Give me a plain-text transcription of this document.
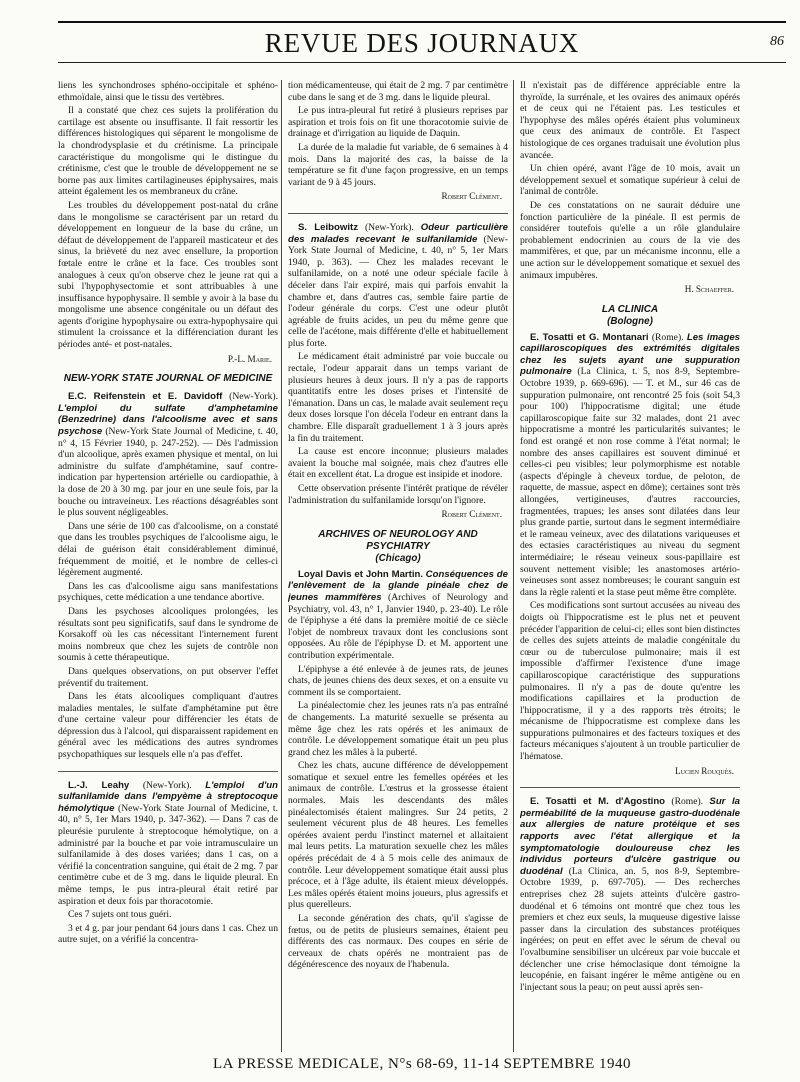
REVUE DES JOURNAUX	86

liens les synchondroses sphéno-occipitale et sphéno-ethmoïdale, ainsi que le tissu des vertèbres.

Il a constaté que chez ces sujets la prolifération du cartilage est absente ou insuffisante. Il fait ressortir les différences histologiques qui séparent le mongolisme de la chondrodysplasie et du crétinisme. La principale caractéristique du mongolisme qui le distingue du crétinisme, c'est que le trouble de développement ne se borne pas aux limites cartilagineuses épiphysaires, mais atteint également les os membraneux du crâne.

Les troubles du développement post-natal du crâne dans le mongolisme se caractérisent par un retard du développement en longueur de la base du crâne, un défaut de développement de l'appareil masticateur et des sinus, la brièveté du nez avec ensellure, la proportion fœtale entre le crâne et la face. Ces troubles sont analogues à ceux qu'on observe chez le jeune rat qui a subi l'hypophysectomie et sont attribuables à une insuffisance hypophysaire. Il semble y avoir à la base du mongolisme une absence congénitale ou un défaut des agents d'origine hypophysaire ou extra-hypophysaire qui stimulent la croissance et la différenciation durant les périodes anté- et post-natales.

P.-L. Marie.
NEW-YORK STATE JOURNAL OF MEDICINE

E.C. Reifenstein et E. Davidoff (New-York). L'emploi du sulfate d'amphetamine (Benzedrine) dans l'alcoolisme avec et sans psychose (New-York State Journal of Medicine, t. 40, n° 4, 15 Février 1940, p. 247-252). — Dès l'admission d'un alcoolique, après examen physique et mental, on lui administre du sulfate d'amphétamine, sauf contre-indication par hypertension artérielle ou cardiopathie, à la dose de 20 à 30 mg. par jour en une seule fois, par la bouche ou intraveineux. Les réactions désagréables sont le plus souvent négligeables.

Dans une série de 100 cas d'alcoolisme, on a constaté que dans les troubles psychiques de l'alcoolisme aigu, le délai de guérison était considérablement diminué, fréquemment de moitié, et le nombre de celles-ci légèrement augmenté.

Dans les cas d'alcoolisme aigu sans manifestations psychiques, cette médication a une tendance abortive.

Dans les psychoses alcooliques prolongées, les résultats sont peu significatifs, sauf dans le syndrome de Korsakoff où les cas nécessitant l'internement furent moins nombreux que chez les sujets de contrôle non soumis à cette thérapeutique.

Dans quelques observations, on put observer l'effet préventif du traitement.

Dans les états alcooliques compliquant d'autres maladies mentales, le sulfate d'amphétamine put être d'une certaine valeur pour différencier les états de dépression dus à l'alcool, qui disparaissent rapidement en général avec les médications des autres syndromes psychopathiques sur lesquels elle n'a pas d'effet.

L.-J. Leahy (New-York). L'emploi d'un sulfanilamide dans l'empyème à streptocoque hémolytique (New-York State Journal of Medicine, t. 40, n° 5, 1er Mars 1940, p. 347-362). — Dans 7 cas de pleurésie purulente à streptocoque hémolytique, on a administré par la bouche et par voie intramusculaire un sulfanilamide à des doses variées; dans 1 cas, on a vérifié la concentration sanguine, qui était de 2 mg. 7 par centimètre cube et de 3 mg. dans le liquide pleural. En même temps, le pus intra-pleural était retiré par aspiration et deux fois par thoracotomie.

Ces 7 sujets ont tous guéri.

3 et 4 g. par jour pendant 64 jours dans 1 cas. Chez un autre sujet, on a vérifié la concentra-

tion médicamenteuse, qui était de 2 mg. 7 par centimètre cube dans le sang et de 3 mg. dans le liquide pleural.

Le pus intra-pleural fut retiré à plusieurs reprises par aspiration et trois fois on fit une thoracotomie suivie de drainage et d'irrigation au liquide de Daquin.

La durée de la maladie fut variable, de 6 semaines à 4 mois. Dans la majorité des cas, la baisse de la température se fit d'une façon progressive, en un temps variant de 9 à 45 jours.

Robert Clément.

S. Leibowitz (New-York). Odeur particulière des malades recevant le sulfanilamide (New-York State Journal of Medicine, t. 40, n° 5, 1er Mars 1940, p. 363). — Chez les malades recevant le sulfanilamide, on a noté une odeur spéciale facile à déceler dans l'air expiré, mais qui parfois envahit la chambre et, dans d'autres cas, semble faire partie de l'odeur générale du corps. C'est une odeur plutôt agréable de fruits acides, un peu du même genre que celle de l'acétone, mais différente d'elle et habituellement plus forte.

Le médicament était administré par voie buccale ou rectale, l'odeur apparait dans un temps variant de plusieurs heures à deux jours. Il n'y a pas de rapports quantitatifs entre les doses prises et l'intensité de l'émanation. Dans un cas, le malade avait seulement reçu deux doses lorsque l'on décela l'odeur en entrant dans la chambre. Elle disparaît graduellement 1 à 3 jours après la fin du traitement.

La cause est encore inconnue; plusieurs malades avaient la bouche mal soignée, mais chez d'autres elle était en excellent état. La drogue est insipide et inodore.

Cette observation présente l'intérêt pratique de révéler l'administration du sulfanilamide lorsqu'on l'ignore.

Robert Clément.
ARCHIVES OF NEUROLOGY AND PSYCHIATRY
(Chicago)

Loyal Davis et John Martin. Conséquences de l'enlèvement de la glande pinéale chez de jeunes mammifères (Archives of Neurology and Psychiatry, vol. 43, n° 1, Janvier 1940, p. 23-40). Le rôle de l'épiphyse a été dans la première moitié de ce siècle l'objet de nombreux travaux dont les conclusions sont opposées. Au rôle de l'épiphyse D. et M. apportent une contribution expérimentale.

L'épiphyse a été enlevée à de jeunes rats, de jeunes chats, de jeunes chiens des deux sexes, et on a ensuite vu comment ils se comportaient.

La pinéalectomie chez les jeunes rats n'a pas entraîné de changements. La maturité sexuelle se présenta au même âge chez les rats opérés et les animaux de contrôle. Le développement somatique était un peu plus grand chez les mâles à la puberté.

Chez les chats, aucune différence de développement somatique et sexuel entre les femelles opérées et les animaux de contrôle. L'œstrus et la grossesse étaient normales. Mais les descendants des mâles pinéalectomisés étaient malingres. Sur 24 petits, 2 seulement vécurent plus de 48 heures. Les femelles opérées avaient perdu l'instinct maternel et allaitaient mal leurs petits. La maturation sexuelle chez les mâles opérés précédait de 4 à 5 mois celle des animaux de contrôle. Leur développement somatique était aussi plus précoce, et à l'âge adulte, ils étaient mieux développés. Les mâles opérés étaient moins joueurs, plus agressifs et plus querelleurs.

La seconde génération des chats, qu'il s'agisse de fœtus, ou de petits de plusieurs semaines, étaient peu différents des cas normaux. Des coupes en série de cerveaux de chats opérés ne montraient pas de dégénérescence des noyaux de l'habenula.

Il n'existait pas de différence appréciable entre la thyroïde, la surrénale, et les ovaires des animaux opérés et de ceux qui ne l'étaient pas. Les testicules et l'hypophyse des mâles opérés étaient plus volumineux que ceux des animaux de contrôle. Et l'aspect histologique de ces organes traduisait une évolution plus avancée.

Un chien opéré, avant l'âge de 10 mois, avait un développement sexuel et somatique supérieur à celui de l'animal de contrôle.

De ces constatations on ne saurait déduire une fonction particulière de la pinéale. Il est permis de considérer toutefois qu'elle a un rôle glandulaire probablement endocrinien au cours de la vie des mammifères, et que, par un mécanisme inconnu, elle a une action sur le développement somatique et sexuel des animaux impubères.

H. Schaeffer.
LA CLINICA
(Bologne)

E. Tosatti et G. Montanari (Rome). Les images capillaroscopiques des extrémités digitales chez les sujets ayant une suppuration pulmonaire (La Clinica, t. 5, nos 8-9, Septembre-Octobre 1939, p. 669-696). — T. et M., sur 46 cas de suppuration pulmonaire, ont rencontré 25 fois (soit 54,3 pour 100) l'hippocratisme digital; une étude capillaroscopique faite sur 32 malades, dont 21 avec hippocratisme a montré les particularités suivantes; le fond est orangé et non rose comme à l'état normal; le nombre des anses capillaires est souvent diminué et celles-ci peu visibles; leur polymorphisme est notable (aspects d'épingle à cheveux tordue, de peloton, de raquette, de massue, aspect en dôme); certaines sont très allongées, vertigineuses, d'autres raccourcies, fragmentées, trapues; les anses sont dilatées dans leur plus grande partie, surtout dans le segment intermédiaire et le rameau veineux, avec des dilatations variqueuses et des ectasies caractéristiques au niveau du segment intermédiaire; le réseau veineux sous-papillaire est souvent nettement visible; les anastomoses artério-veineuses sont assez nombreuses; le courant sanguin est dans la règle ralenti et la stase peut même être complète.

Ces modifications sont surtout accusées au niveau des doigts où l'hippocratisme est le plus net et peuvent précéder l'apparition de celui-ci; elles sont bien distinctes de celles des sujets atteints de maladie congénitale du cœur ou de tuberculose pulmonaire; mais il est impossible d'affirmer l'existence d'une image capillaroscopique caractéristique des suppurations pulmonaires. Il n'y a pas de doute qu'entre les modifications capillaires et la production de l'hippocratisme, il y a des rapports très étroits; le mécanisme de l'hippocratisme est complexe dans les suppurations pulmonaires et des facteurs toxiques et des facteurs mécaniques s'ajoutent à un trouble particulier de l'hématose.

Lucien Rouquès.

E. Tosatti et M. d'Agostino (Rome). Sur la perméabilité de la muqueuse gastro-duodénale aux allergies de nature protéique et ses rapports avec l'état allergique et la symptomatologie douloureuse chez les individus porteurs d'ulcère gastrique ou duodénal (La Clinica, an. 5, nos 8-9, Septembre-Octobre 1939, p. 697-705). — Des recherches entreprises chez 28 sujets atteints d'ulcère gastro-duodénal et 6 témoins ont montré que chez tous les premiers et chez eux seuls, la muqueuse digestive laisse passer dans la circulation des substances protéiques ingérées; on peut en effet avec le sérum de cheval ou l'ovalbumine sensibiliser un ulcéreux par voie buccale et déclencher une crise hémoclasique dont témoigne la leucopénie, en faisant ingérer le même antigène ou en l'injectant sous la peau; on peut aussi après sen-

LA PRESSE MEDICALE, N°s 68-69, 11-14 SEPTEMBRE 1940
